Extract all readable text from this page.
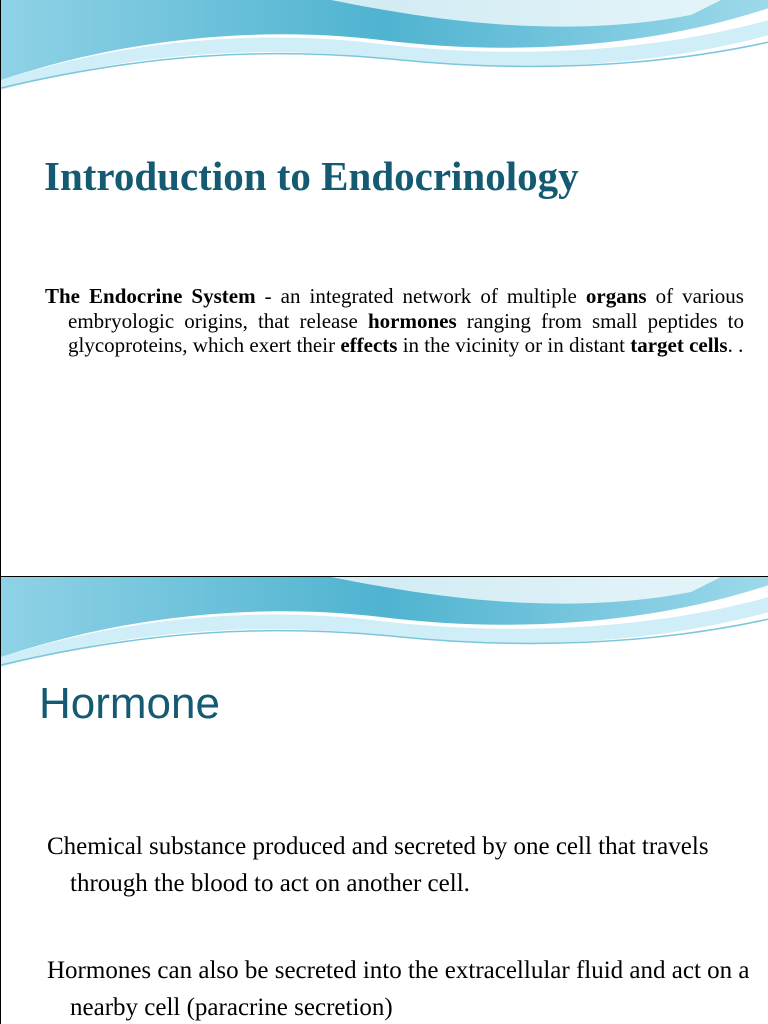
Introduction to Endocrinology

The Endocrine System - an integrated network of multiple organs of various embryologic origins, that release hormones ranging from small peptides to glycoproteins, which exert their effects in the vicinity or in distant target cells. .

Hormone

Chemical substance produced and secreted by one cell that travels through the blood to act on another cell.

Hormones can also be secreted into the extracellular fluid and act on a nearby cell (paracrine secretion)
